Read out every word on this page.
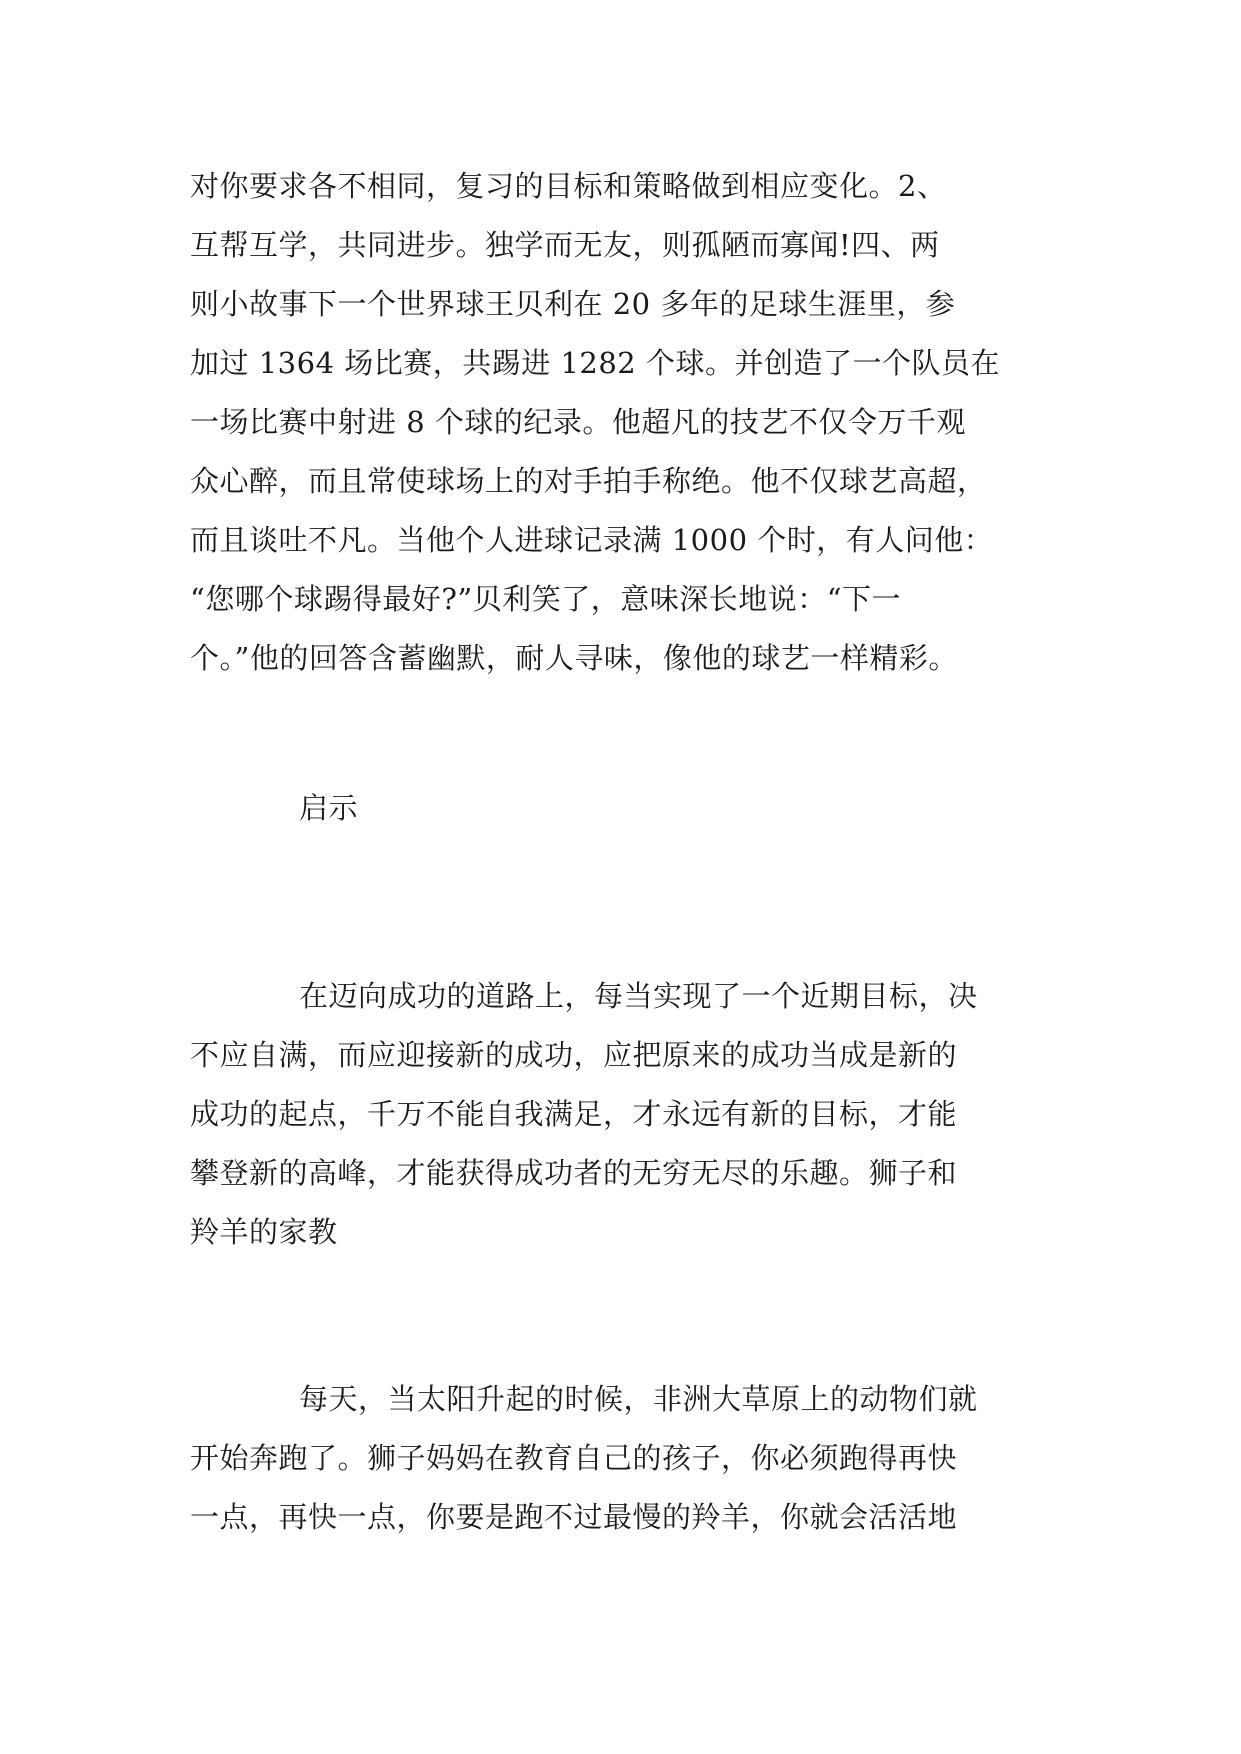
对你要求各不相同，复习的目标和策略做到相应变化。2、
互帮互学，共同进步。独学而无友，则孤陋而寡闻!四、两
则小故事下一个世界球王贝利在 20 多年的足球生涯里，参
加过 1364 场比赛，共踢进 1282 个球。并创造了一个队员在
一场比赛中射进 8 个球的纪录。他超凡的技艺不仅令万千观
众心醉，而且常使球场上的对手拍手称绝。他不仅球艺高超，
而且谈吐不凡。当他个人进球记录满 1000 个时，有人问他：
“您哪个球踢得最好?”贝利笑了，意味深长地说：“下一
个。”他的回答含蓄幽默，耐人寻味，像他的球艺一样精彩。
启示
在迈向成功的道路上，每当实现了一个近期目标，决
不应自满，而应迎接新的成功，应把原来的成功当成是新的
成功的起点，千万不能自我满足，才永远有新的目标，才能
攀登新的高峰，才能获得成功者的无穷无尽的乐趣。狮子和
羚羊的家教
每天，当太阳升起的时候，非洲大草原上的动物们就
开始奔跑了。狮子妈妈在教育自己的孩子，你必须跑得再快
一点，再快一点，你要是跑不过最慢的羚羊，你就会活活地
